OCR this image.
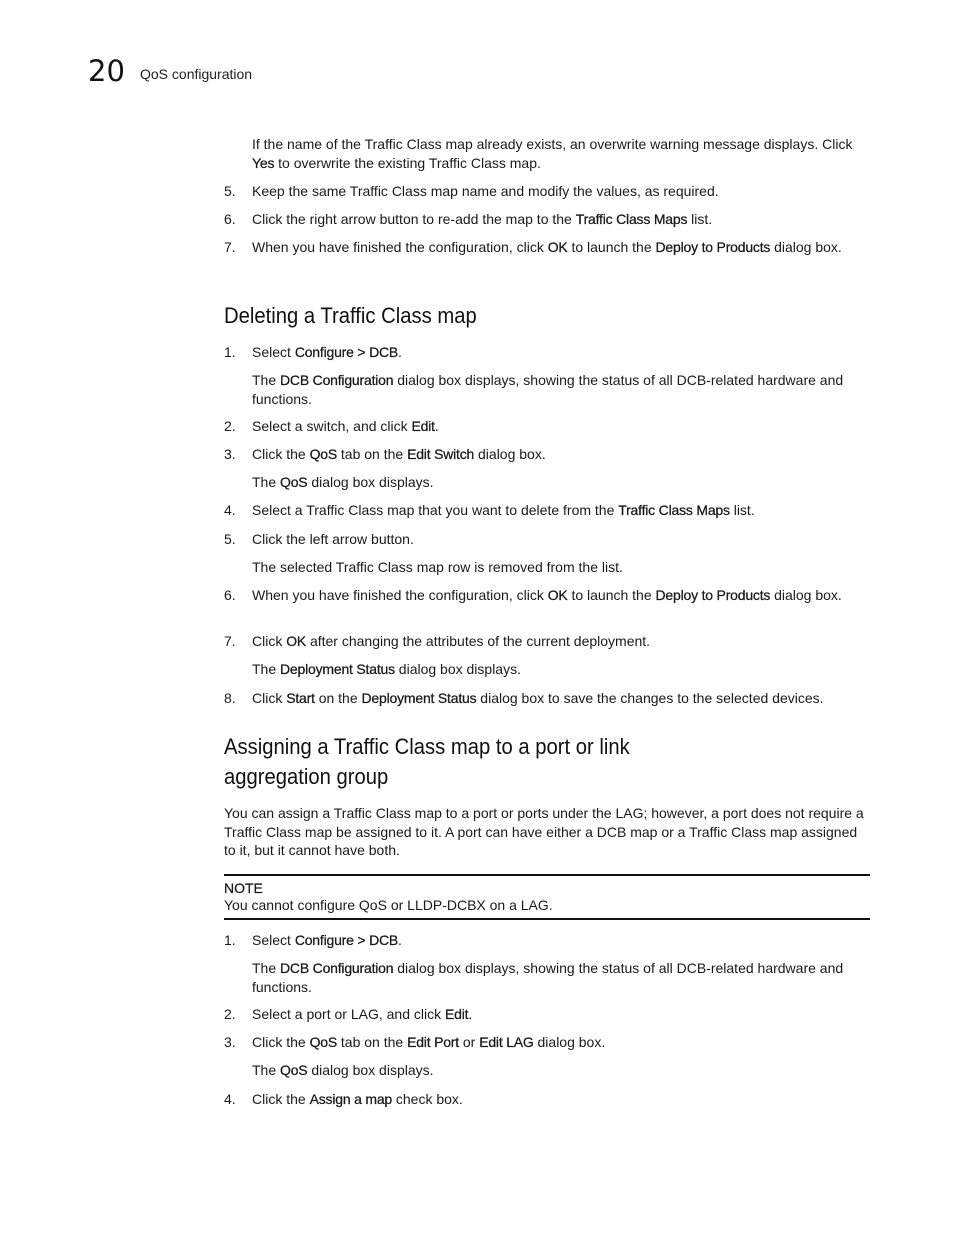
20 QoS configuration
If the name of the Traffic Class map already exists, an overwrite warning message displays. Click Yes to overwrite the existing Traffic Class map.
5. Keep the same Traffic Class map name and modify the values, as required.
6. Click the right arrow button to re-add the map to the Traffic Class Maps list.
7. When you have finished the configuration, click OK to launch the Deploy to Products dialog box.
Deleting a Traffic Class map
1. Select Configure > DCB.
The DCB Configuration dialog box displays, showing the status of all DCB-related hardware and functions.
2. Select a switch, and click Edit.
3. Click the QoS tab on the Edit Switch dialog box.
The QoS dialog box displays.
4. Select a Traffic Class map that you want to delete from the Traffic Class Maps list.
5. Click the left arrow button.
The selected Traffic Class map row is removed from the list.
6. When you have finished the configuration, click OK to launch the Deploy to Products dialog box.
7. Click OK after changing the attributes of the current deployment.
The Deployment Status dialog box displays.
8. Click Start on the Deployment Status dialog box to save the changes to the selected devices.
Assigning a Traffic Class map to a port or link
aggregation group
You can assign a Traffic Class map to a port or ports under the LAG; however, a port does not require a Traffic Class map be assigned to it. A port can have either a DCB map or a Traffic Class map assigned to it, but it cannot have both.
NOTE
You cannot configure QoS or LLDP-DCBX on a LAG.
1. Select Configure > DCB.
The DCB Configuration dialog box displays, showing the status of all DCB-related hardware and functions.
2. Select a port or LAG, and click Edit.
3. Click the QoS tab on the Edit Port or Edit LAG dialog box.
The QoS dialog box displays.
4. Click the Assign a map check box.
